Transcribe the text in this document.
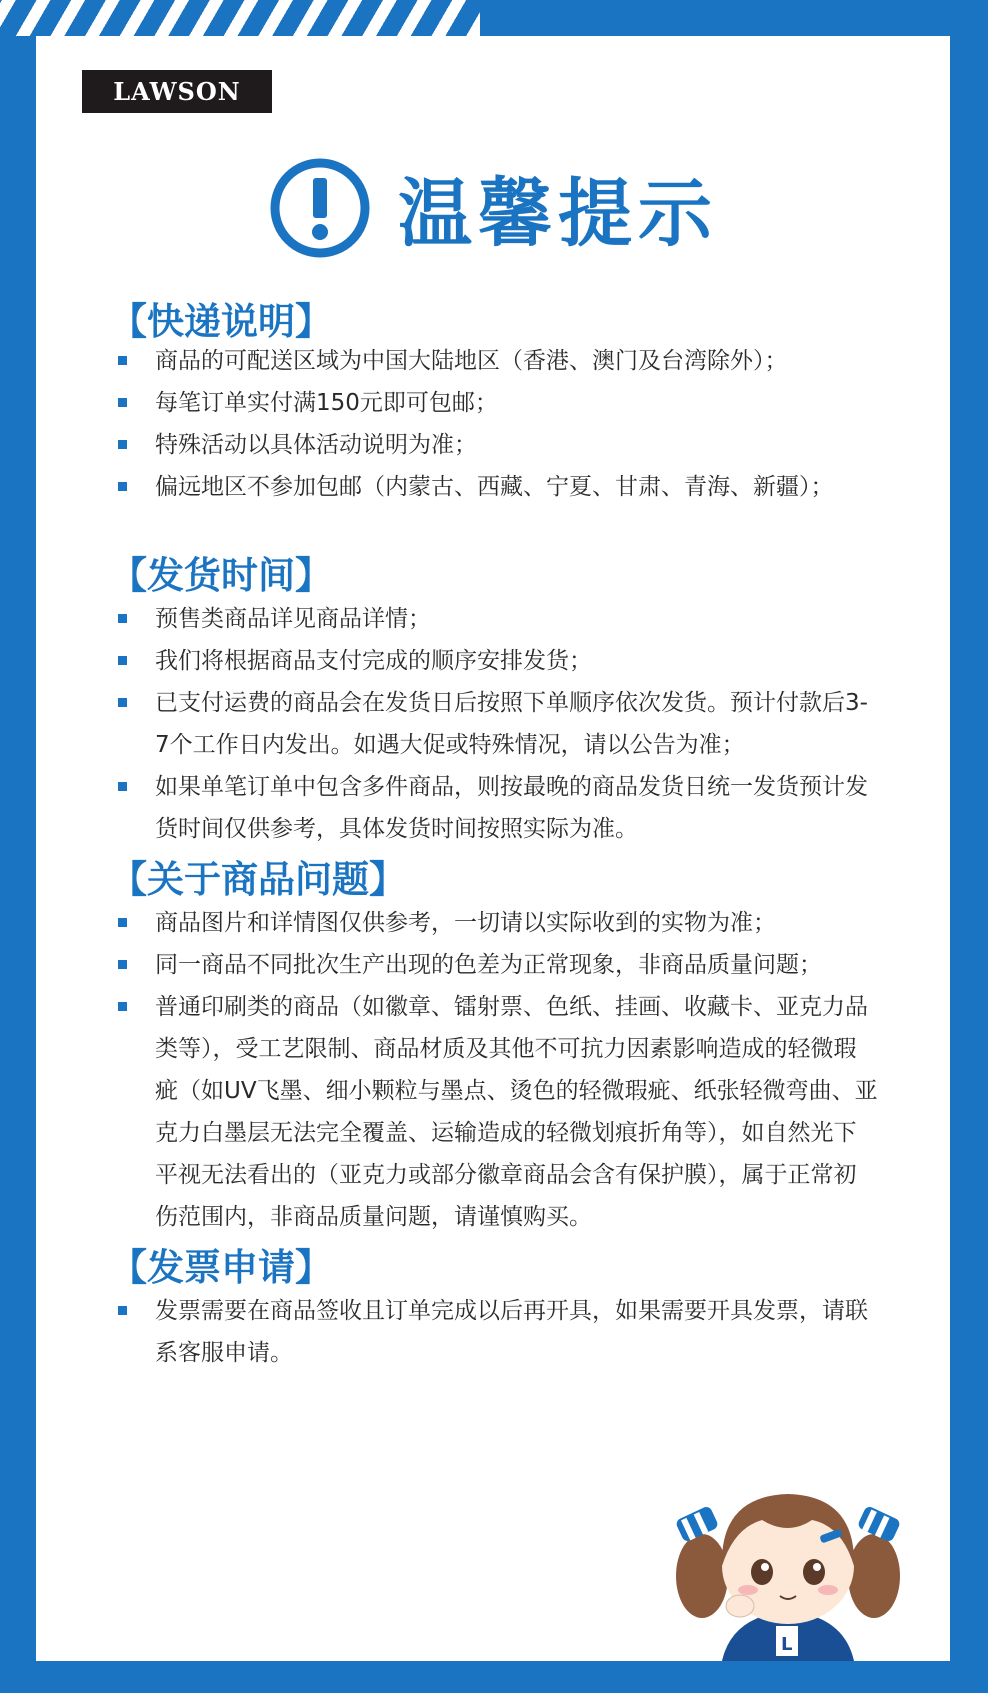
LAWSON
温馨提示
【快递说明】
商品的可配送区域为中国大陆地区（香港、澳门及台湾除外）；
每笔订单实付满150元即可包邮；
特殊活动以具体活动说明为准；
偏远地区不参加包邮（内蒙古、西藏、宁夏、甘肃、青海、新疆）；
【发货时间】
预售类商品详见商品详情；
我们将根据商品支付完成的顺序安排发货；
已支付运费的商品会在发货日后按照下单顺序依次发货。预计付款后3-7个工作日内发出。如遇大促或特殊情况，请以公告为准；
如果单笔订单中包含多件商品，则按最晚的商品发货日统一发货预计发货时间仅供参考，具体发货时间按照实际为准。
【关于商品问题】
商品图片和详情图仅供参考，一切请以实际收到的实物为准；
同一商品不同批次生产出现的色差为正常现象，非商品质量问题；
普通印刷类的商品（如徽章、镭射票、色纸、挂画、收藏卡、亚克力品类等），受工艺限制、商品材质及其他不可抗力因素影响造成的轻微瑕疵（如UV飞墨、细小颗粒与墨点、烫色的轻微瑕疵、纸张轻微弯曲、亚克力白墨层无法完全覆盖、运输造成的轻微划痕折角等），如自然光下平视无法看出的（亚克力或部分徽章商品会含有保护膜），属于正常初伤范围内，非商品质量问题，请谨慎购买。
【发票申请】
发票需要在商品签收且订单完成以后再开具，如果需要开具发票，请联系客服申请。
L
